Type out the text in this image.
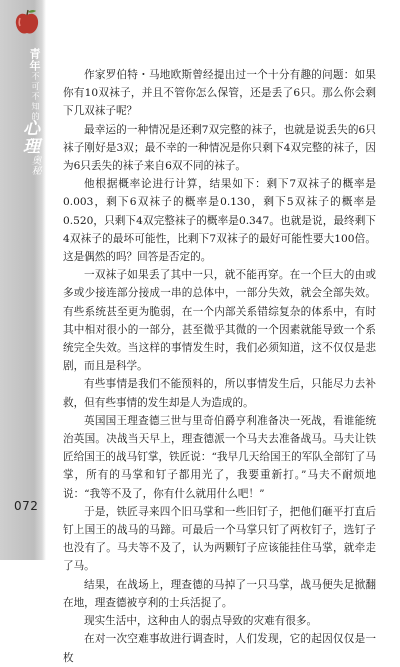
青年
不可不知的
心理
奥秘
072

作家罗伯特・马地欧斯曾经提出过一个十分有趣的问题：如果你有10双袜子，并且不管你怎么保管，还是丢了6只。那么你会剩下几双袜子呢？

最幸运的一种情况是还剩7双完整的袜子，也就是说丢失的6只袜子刚好是3双；最不幸的一种情况是你只剩下4双完整的袜子，因为6只丢失的袜子来自6双不同的袜子。

他根据概率论进行计算，结果如下：剩下7双袜子的概率是0.003，剩下6双袜子的概率是0.130，剩下5双袜子的概率是0.520，只剩下4双完整袜子的概率是0.347。也就是说，最终剩下4双袜子的最坏可能性，比剩下7双袜子的最好可能性要大100倍。这是偶然的吗？回答是否定的。

一双袜子如果丢了其中一只，就不能再穿。在一个巨大的由或多或少接连部分接成一串的总体中，一部分失效，就会全部失效。有些系统甚至更为脆弱，在一个内部关系错综复杂的体系中，有时其中相对很小的一部分，甚至微乎其微的一个因素就能导致一个系统完全失效。当这样的事情发生时，我们必须知道，这不仅仅是悲剧，而且是科学。

有些事情是我们不能预料的，所以事情发生后，只能尽力去补救，但有些事情的发生却是人为造成的。

英国国王理查德三世与里奇伯爵亨利准备决一死战，看谁能统治英国。决战当天早上，理查德派一个马夫去准备战马。马夫让铁匠给国王的战马钉掌，铁匠说：“我早几天给国王的军队全部钉了马掌，所有的马掌和钉子都用光了，我要重新打。”马夫不耐烦地说：“我等不及了，你有什么就用什么吧！”

于是，铁匠寻来四个旧马掌和一些旧钉子，把他们砸平打直后钉上国王的战马的马蹄。可最后一个马掌只钉了两枚钉子，选钉子也没有了。马夫等不及了，认为两颗钉子应该能挂住马掌，就牵走了马。

结果，在战场上，理查德的马掉了一只马掌，战马便失足掀翻在地，理查德被亨利的士兵活捉了。

现实生活中，这种由人的弱点导致的灾难有很多。

在对一次空难事故进行调查时，人们发现，它的起因仅仅是一枚
